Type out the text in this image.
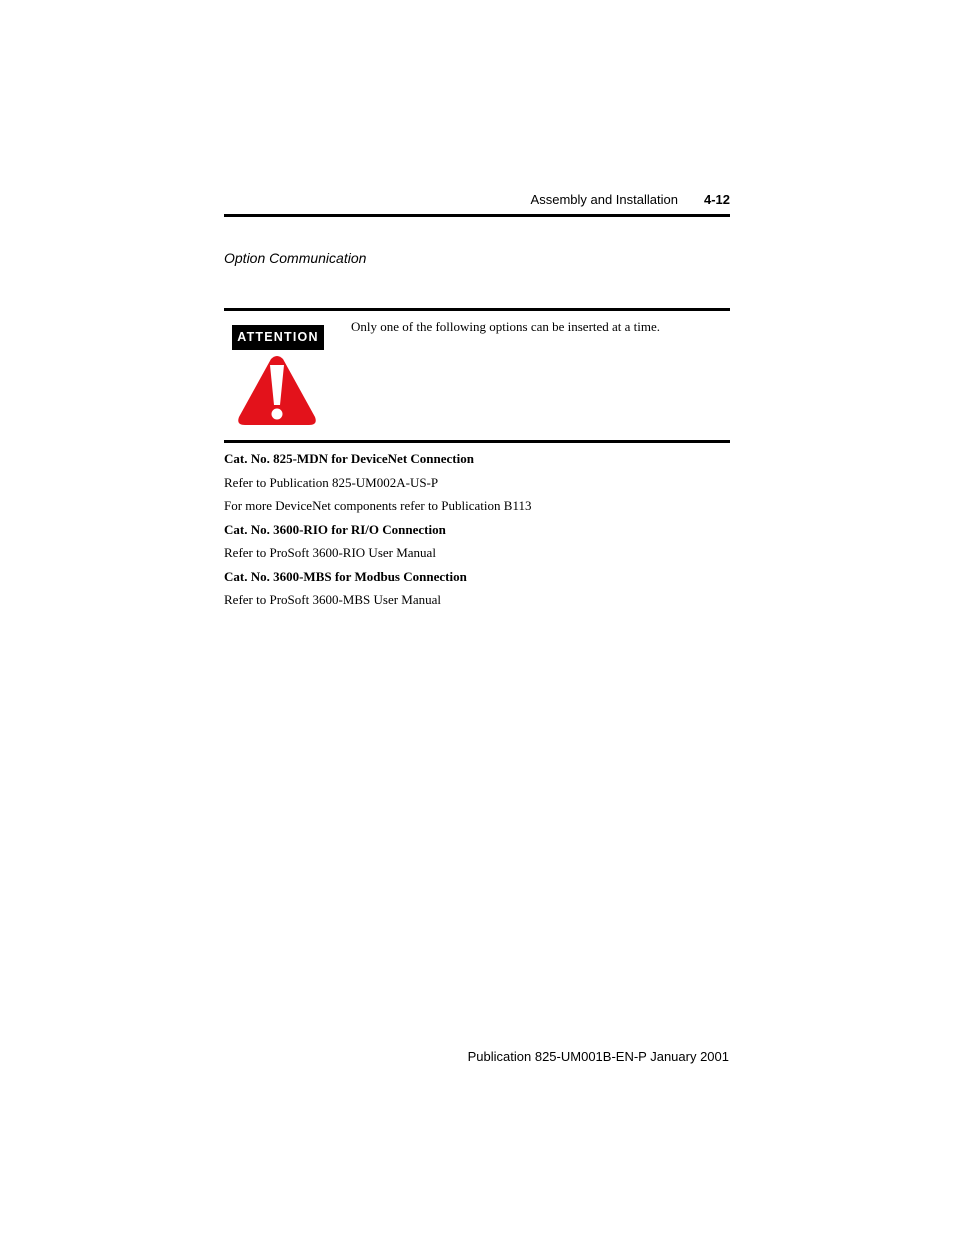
Assembly and Installation 4-12
Option Communication
ATTENTION
Only one of the following options can be inserted at a time.
Cat. No. 825-MDN for DeviceNet Connection
Refer to Publication 825-UM002A-US-P
For more DeviceNet components refer to Publication B113
Cat. No. 3600-RIO for RI/O Connection
Refer to ProSoft 3600-RIO User Manual
Cat. No. 3600-MBS for Modbus Connection
Refer to ProSoft 3600-MBS User Manual
Publication 825-UM001B-EN-P January 2001
